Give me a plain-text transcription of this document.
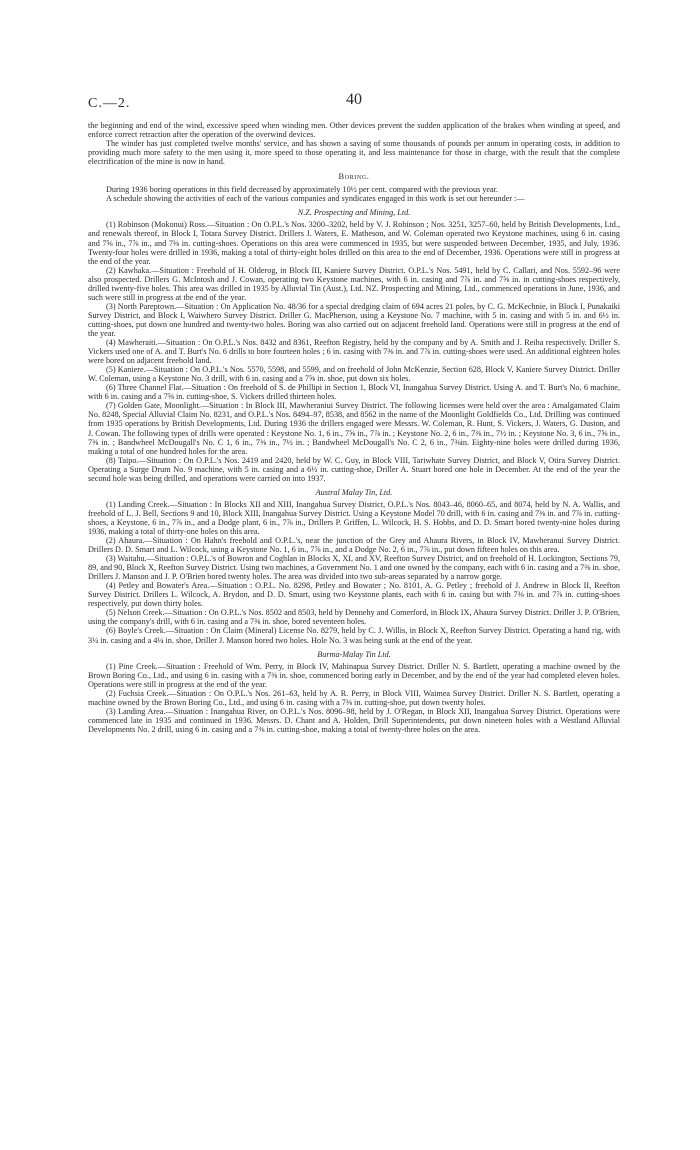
C.—2.	40

the beginning and end of the wind, excessive speed when winding men. Other devices prevent the sudden application of the brakes when winding at speed, and enforce correct retraction after the operation of the overwind devices.

The winder has just completed twelve months' service, and has shown a saving of some thousands of pounds per annum in operating costs, in addition to providing much more safety to the men using it, more speed to those operating it, and less maintenance for those in charge, with the result that the complete electrification of the mine is now in hand.

Boring.

During 1936 boring operations in this field decreased by approximately 10½ per cent. compared with the previous year.

A schedule showing the activities of each of the various companies and syndicates engaged in this work is set out hereunder :—

N.Z. Prospecting and Mining, Ltd.

(1) Robinson (Mokonui) Ross.—Situation : On O.P.L.'s Nos. 3200–3202, held by V. J. Robinson ; Nos. 3251, 3257–60, held by British Developments, Ltd., and renewals thereof, in Block I, Totara Survey District. Drillers J. Waters, E. Matheson, and W. Coleman operated two Keystone machines, using 6 in. casing and 7⅝ in., 7⅞ in., and 7⅜ in. cutting-shoes. Operations on this area were commenced in 1935, but were suspended between December, 1935, and July, 1936. Twenty-four holes were drilled in 1936, making a total of thirty-eight holes drilled on this area to the end of December, 1936. Operations were still in progress at the end of the year.

(2) Kawhaka.—Situation : Freehold of H. Olderog, in Block III, Kaniere Survey District. O.P.L.'s Nos. 5491, held by C. Callari, and Nos. 5592–96 were also prospected. Drillers G. McIntosh and J. Cowan, operating two Keystone machines, with 6 in. casing and 7⅞ in. and 7⅝ in. in cutting-shoes respectively, drilled twenty-five holes. This area was drilled in 1935 by Alluvial Tin (Aust.), Ltd. NZ. Prospecting and Mining, Ltd., commenced operations in June, 1936, and such were still in progress at the end of the year.

(3) North Pareptown.—Situation : On Application No. 48/36 for a special dredging claim of 694 acres 21 poles, by C. G. McKechnie, in Block I, Punakaiki Survey District, and Block I, Waiwhero Survey District. Driller G. MacPherson, using a Keystone No. 7 machine, with 5 in. casing and with 5 in. and 6½ in. cutting-shoes, put down one hundred and twenty-two holes. Boring was also carried out on adjacent freehold land. Operations were still in progress at the end of the year.

(4) Mawheraiti.—Situation : On O.P.L.'s Nos. 8432 and 8361, Reefton Registry, held by the company and by A. Smith and J. Reiha respectively. Driller S. Vickers used one of A. and T. Burt's No. 6 drills to bore fourteen holes ; 6 in. casing with 7⅜ in. and 7⅞ in. cutting-shoes were used. An additional eighteen holes were bored on adjacent freehold land.

(5) Kaniere.—Situation : On O.P.L.'s Nos. 5570, 5598, and 5599, and on freehold of John McKenzie, Section 628, Block V, Kaniere Survey District. Driller W. Coleman, using a Keystone No. 3 drill, with 6 in. casing and a 7⅝ in. shoe, put down six holes.

(6) Three Channel Flat.—Situation : On freehold of S. de Phillipi in Section 1, Block VI, Inangahua Survey District. Using A. and T. Burt's No. 6 machine, with 6 in. casing and a 7⅝ in. cutting-shoe, S. Vickers drilled thirteen holes.

(7) Golden Gate, Moonlight.—Situation : In Block III, Mawheraniui Survey District. The following licenses were held over the area : Amalgamated Claim No. 8248, Special Alluvial Claim No. 8231, and O.P.L.'s Nos. 8494–97, 8538, and 8562 in the name of the Moonlight Goldfields Co., Ltd. Drilling was continued from 1935 operations by British Developments, Ltd. During 1936 the drillers engaged were Messrs. W. Coleman, R. Hunt, S. Vickers, J. Waters, G. Duston, and J. Cowan. The following types of drills were operated : Keystone No. 1, 6 in., 7⅝ in., 7⅞ in. ; Keystone No. 2, 6 in., 7⅜ in., 7½ in. ; Keystone No. 3, 6 in., 7⅝ in., 7⅜ in. ; Bandwheel McDougall's No. C 1, 6 in., 7⅜ in., 7½ in. ; Bandwheel McDougall's No. C 2, 6 in., 7⅜in. Eighty-nine holes were drilled during 1936, making a total of one hundred holes for the area.

(8) Taipo.—Situation : On O.P.L.'s Nos. 2419 and 2420, held by W. C. Guy, in Block VIII, Tariwhate Survey District, and Block V, Otira Survey District. Operating a Surge Drum No. 9 machine, with 5 in. casing and a 6½ in. cutting-shoe, Driller A. Stuart bored one hole in December. At the end of the year the second hole was being drilled, and operations were carried on into 1937.

Austral Malay Tin, Ltd.

(1) Landing Creek.—Situation : In Blocks XII and XIII, Inangahua Survey District, O.P.L.'s Nos. 8043–46, 8060–65, and 8074, held by N. A. Wallis, and freehold of L. J. Bell, Sections 9 and 10, Block XIII, Inangahua Survey District. Using a Keystone Model 70 drill, with 6 in. casing and 7⅜ in. and 7⅞ in. cutting-shoes, a Keystone, 6 in., 7⅞ in., and a Dodge plant, 6 in., 7⅞ in., Drillers P. Griffen, L. Wilcock, H. S. Hobbs, and D. D. Smart bored twenty-nine holes during 1936, making a total of thirty-one holes on this area.

(2) Ahaura.—Situation : On Hahn's freehold and O.P.L.'s, near the junction of the Grey and Ahaura Rivers, in Block IV, Mawheranui Survey District. Drillers D. D. Smart and L. Wilcock, using a Keystone No. 1, 6 in., 7⅞ in., and a Dodge No. 2, 6 in., 7⅞ in., put down fifteen holes on this area.

(3) Waitahu.—Situation : O.P.L.'s of Bowron and Coghlan in Blocks X, XI, and XV, Reefton Survey District, and on freehold of H. Lockington, Sections 79, 89, and 90, Block X, Reefton Survey District. Using two machines, a Government No. 1 and one owned by the company, each with 6 in. casing and a 7⅜ in. shoe, Drillers J. Manson and J. P. O'Brien bored twenty holes. The area was divided into two sub-areas separated by a narrow gorge.

(4) Petley and Bowater's Area.—Situation : O.P.L. No. 8298, Petley and Bowater ; No. 8101, A. G. Petley ; freehold of J. Andrew in Block II, Reefton Survey District. Drillers L. Wilcock, A. Brydon, and D. D. Smart, using two Keystone plants, each with 6 in. casing but with 7⅜ in. and 7⅞ in. cutting-shoes respectively, put down thirty holes.

(5) Nelson Creek.—Situation : On O.P.L.'s Nos. 8502 and 8503, held by Dennehy and Comerford, in Block IX, Ahaura Survey District. Driller J. P. O'Brien, using the company's drill, with 6 in. casing and a 7⅜ in. shoe, bored seventeen holes.

(6) Boyle's Creek.—Situation : On Claim (Mineral) License No. 8279, held by C. J. Willis, in Block X, Reefton Survey District. Operating a hand rig, with 3¼ in. casing and a 4¼ in. shoe, Driller J. Manson bored two holes. Hole No. 3 was being sunk at the end of the year.

Burma-Malay Tin Ltd.

(1) Pine Creek.—Situation : Freehold of Wm. Perry, in Block IV, Mahinapua Survey District. Driller N. S. Bartlett, operating a machine owned by the Brown Boring Co., Ltd., and using 6 in. casing with a 7⅜ in. shoe, commenced boring early in December, and by the end of the year had completed eleven holes. Operations were still in progress at the end of the year.

(2) Fuchsia Creek.—Situation : On O.P.L.'s Nos. 261–63, held by A. R. Perry, in Block VIII, Waimea Survey District. Driller N. S. Bartlett, operating a machine owned by the Brown Boring Co., Ltd., and using 6 in. casing with a 7⅜ in. cutting-shoe, put down twenty holes.

(3) Landing Area.—Situation : Inangahua River, on O.P.L.'s Nos. 8096–98, held by J. O'Regan, in Block XII, Inangahua Survey District. Operations were commenced late in 1935 and continued in 1936. Messrs. D. Chant and A. Holden, Drill Superintendents, put down nineteen holes with a Westland Alluvial Developments No. 2 drill, using 6 in. casing and a 7⅜ in. cutting-shoe, making a total of twenty-three holes on the area.
